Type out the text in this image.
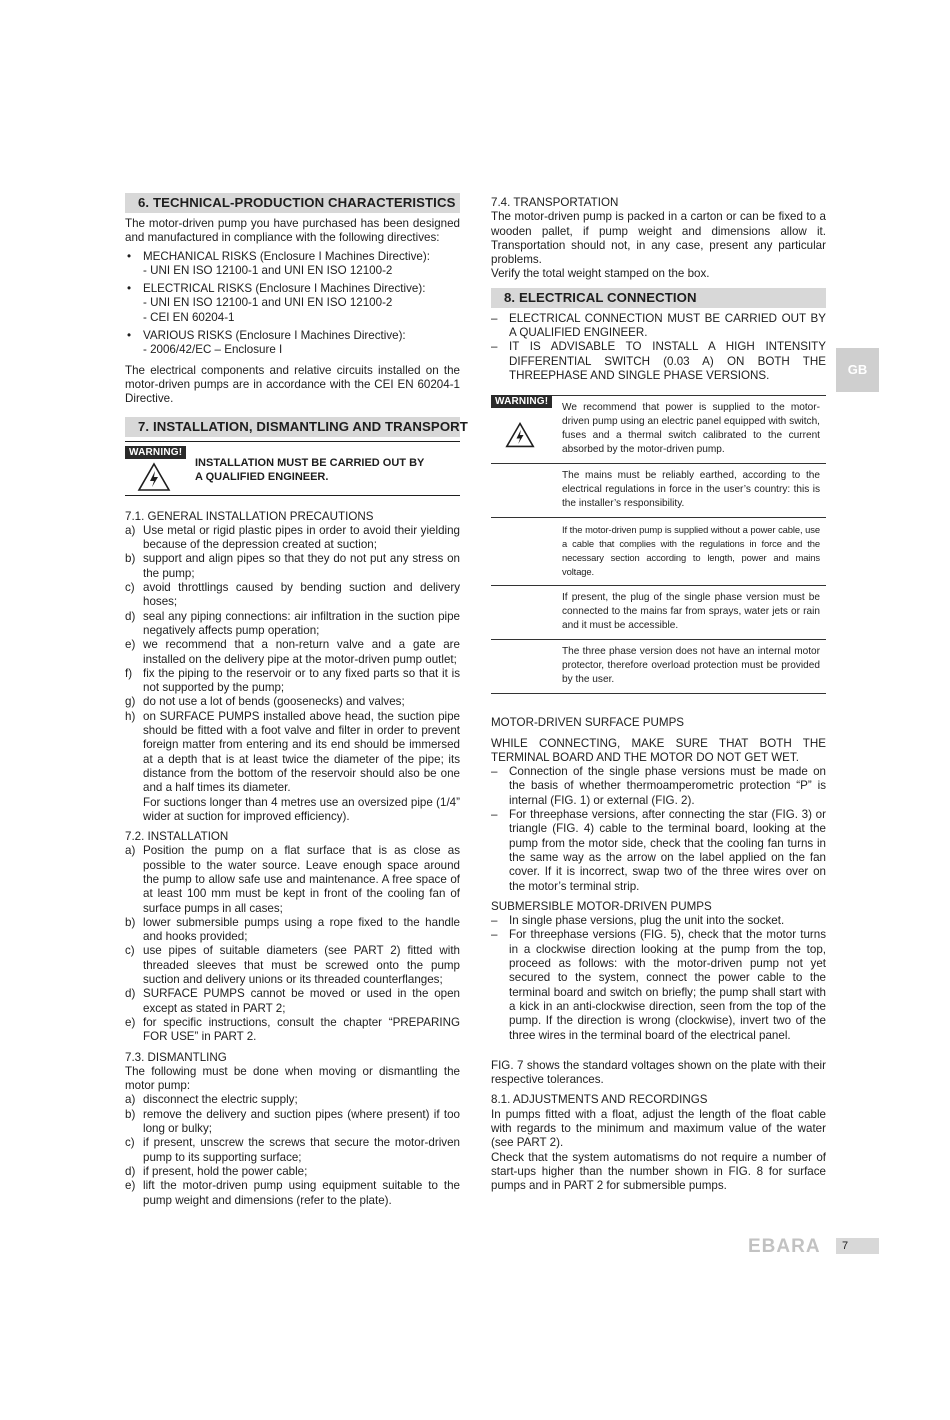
6. TECHNICAL-PRODUCTION CHARACTERISTICS

The motor-driven pump you have purchased has been designed and manufactured in compliance with the following directives:

• MECHANICAL RISKS (Enclosure I Machines Directive):
- UNI EN ISO 12100-1 and UNI EN ISO 12100-2
• ELECTRICAL RISKS (Enclosure I Machines Directive):
- UNI EN ISO 12100-1 and UNI EN ISO 12100-2
- CEI EN 60204-1
• VARIOUS RISKS (Enclosure I Machines Directive):
- 2006/42/EC – Enclosure I

The electrical components and relative circuits installed on the motor-driven pumps are in accordance with the CEI EN 60204-1 Directive.

7. INSTALLATION, DISMANTLING AND TRANSPORT
WARNING!
INSTALLATION MUST BE CARRIED OUT BY A QUALIFIED ENGINEER.
7.1. GENERAL INSTALLATION PRECAUTIONS
a) Use metal or rigid plastic pipes in order to avoid their yielding because of the depression created at suction;
b) support and align pipes so that they do not put any stress on the pump;
c) avoid throttlings caused by bending suction and delivery hoses;
d) seal any piping connections: air infiltration in the suction pipe negatively affects pump operation;
e) we recommend that a non-return valve and a gate are installed on the delivery pipe at the motor-driven pump outlet;
f) fix the piping to the reservoir or to any fixed parts so that it is not supported by the pump;
g) do not use a lot of bends (goosenecks) and valves;
h) on SURFACE PUMPS installed above head, the suction pipe should be fitted with a foot valve and filter in order to prevent foreign matter from entering and its end should be immersed at a depth that is at least twice the diameter of the pipe; its distance from the bottom of the reservoir should also be one and a half times its diameter.
For suctions longer than 4 metres use an oversized pipe (1/4” wider at suction for improved efficiency).
7.2. INSTALLATION
a) Position the pump on a flat surface that is as close as possible to the water source. Leave enough space around the pump to allow safe use and maintenance. A free space of at least 100 mm must be kept in front of the cooling fan of surface pumps in all cases;
b) lower submersible pumps using a rope fixed to the handle and hooks provided;
c) use pipes of suitable diameters (see PART 2) fitted with threaded sleeves that must be screwed onto the pump suction and delivery unions or its threaded counterflanges;
d) SURFACE PUMPS cannot be moved or used in the open except as stated in PART 2;
e) for specific instructions, consult the chapter “PREPARING FOR USE” in PART 2.
7.3. DISMANTLING

The following must be done when moving or dismantling the motor pump:

a) disconnect the electric supply;
b) remove the delivery and suction pipes (where present) if too long or bulky;
c) if present, unscrew the screws that secure the motor-driven pump to its supporting surface;
d) if present, hold the power cable;
e) lift the motor-driven pump using equipment suitable to the pump weight and dimensions (refer to the plate).
7.4. TRANSPORTATION

The motor-driven pump is packed in a carton or can be fixed to a wooden pallet, if pump weight and dimensions allow it. Transportation should not, in any case, present any particular problems.

Verify the total weight stamped on the box.

8. ELECTRICAL CONNECTION
– ELECTRICAL CONNECTION MUST BE CARRIED OUT BY A QUALIFIED ENGINEER.
– IT IS ADVISABLE TO INSTALL A HIGH INTENSITY DIFFERENTIAL SWITCH (0.03 A) ON BOTH THE THREEPHASE AND SINGLE PHASE VERSIONS.
WARNING!
We recommend that power is supplied to the motor-driven pump using an electric panel equipped with switch, fuses and a thermal switch calibrated to the current absorbed by the motor-driven pump.
The mains must be reliably earthed, according to the electrical regulations in force in the user’s country: this is the installer’s responsibility.
If the motor-driven pump is supplied without a power cable, use a cable that complies with the regulations in force and the necessary section according to length, power and mains voltage.
If present, the plug of the single phase version must be connected to the mains far from sprays, water jets or rain and it must be accessible.
The three phase version does not have an internal motor protector, therefore overload protection must be provided by the user.
MOTOR-DRIVEN SURFACE PUMPS

WHILE CONNECTING, MAKE SURE THAT BOTH THE TERMINAL BOARD AND THE MOTOR DO NOT GET WET.

– Connection of the single phase versions must be made on the basis of whether thermoamperometric protection “P” is internal (FIG. 1) or external (FIG. 2).
– For threephase versions, after connecting the star (FIG. 3) or triangle (FIG. 4) cable to the terminal board, looking at the pump from the motor side, check that the cooling fan turns in the same way as the arrow on the label applied on the fan cover. If it is incorrect, swap two of the three wires over on the motor’s terminal strip.
SUBMERSIBLE MOTOR-DRIVEN PUMPS
– In single phase versions, plug the unit into the socket.
– For threephase versions (FIG. 5), check that the motor turns in a clockwise direction looking at the pump from the top, proceed as follows: with the motor-driven pump not yet secured to the system, connect the power cable to the terminal board and switch on briefly; the pump shall start with a kick in an anti-clockwise direction, seen from the top of the pump. If the direction is wrong (clockwise), invert two of the three wires in the terminal board of the electrical panel.

FIG. 7 shows the standard voltages shown on the plate with their respective tolerances.

8.1. ADJUSTMENTS AND RECORDINGS

In pumps fitted with a float, adjust the length of the float cable with regards to the minimum and maximum value of the water (see PART 2).

Check that the system automatisms do not require a number of start-ups higher than the number shown in FIG. 8 for surface pumps and in PART 2 for submersible pumps.

GB
EBARA	7
